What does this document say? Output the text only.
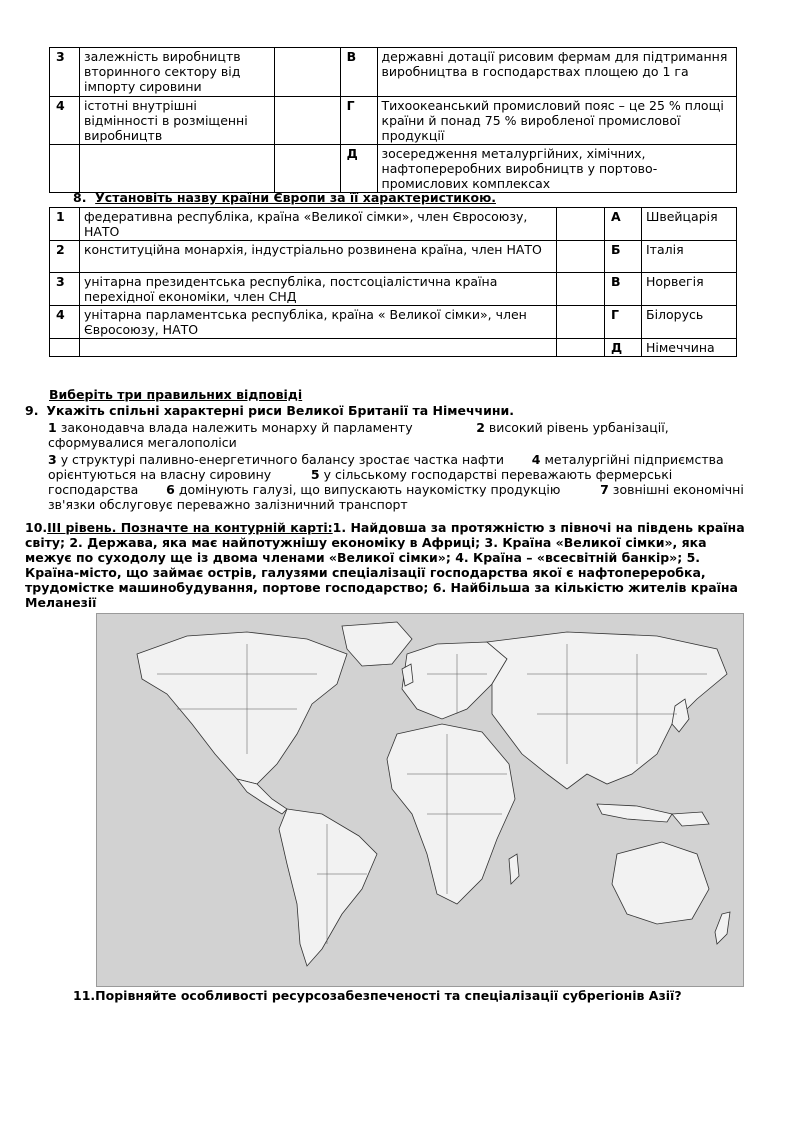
3	залежність виробництв вторинного сектору від імпорту сировини		В	державні дотації рисовим фермам для підтримання виробництва в господарствах площею до 1 га
4	істотні внутрішні відмінності в розміщенні виробництв		Г	Тихоокеанський промисловий пояс – це 25 % площі країни й понад 75 % виробленої промислової продукції
			Д	зосередження металургійних, хімічних, нафтопереробних виробництв у портово-промислових комплексах
8. Установіть назву країни Європи за її характеристикою.
1	федеративна республіка, країна «Великої сімки», член Євросоюзу, НАТО		А	Швейцарія
2	конституційна монархія, індустріально розвинена країна, член НАТО		Б	Італія
3	унітарна президентська республіка, постсоціалістична країна перехідної економіки, член СНД		В	Норвегія
4	унітарна парламентська республіка, країна « Великої сімки», член Євросоюзу, НАТО		Г	Білорусь
			Д	Німеччина
Виберіть три правильних відповіді

9. Укажіть спільні характерні риси Великої Британії та Німеччини.

1 законодавча влада належить монарху й парламенту	2 високий рівень урбанізації, сформувалися мегалополіси

3 у структурі паливно-енергетичного балансу зростає частка нафти 4 металургійні підприємства орієнтуються на власну сировину	5 у сільському господарстві переважають фермерські господарства 6 домінують галузі, що випускають наукомістку продукцію	7 зовнішні економічні зв'язки обслуговує переважно залізничний транспорт

10.ІІІ рівень. Позначте на контурній карті:1. Найдовша за протяжністю з півночі на південь країна світу; 2. Держава, яка має найпотужнішу економіку в Африці; 3. Країна «Великої сімки», яка межує по суходолу ще із двома членами «Великої сімки»; 4. Країна – «всесвітній банкір»; 5. Країна-місто, що займає острів, галузями спеціалізації господарства якої є нафтопереробка, трудомістке машинобудування, портове господарство; 6. Найбільша за кількістю жителів країна Меланезії
11.Порівняйте особливості ресурсозабезпеченості та спеціалізації субрегіонів Азії?
